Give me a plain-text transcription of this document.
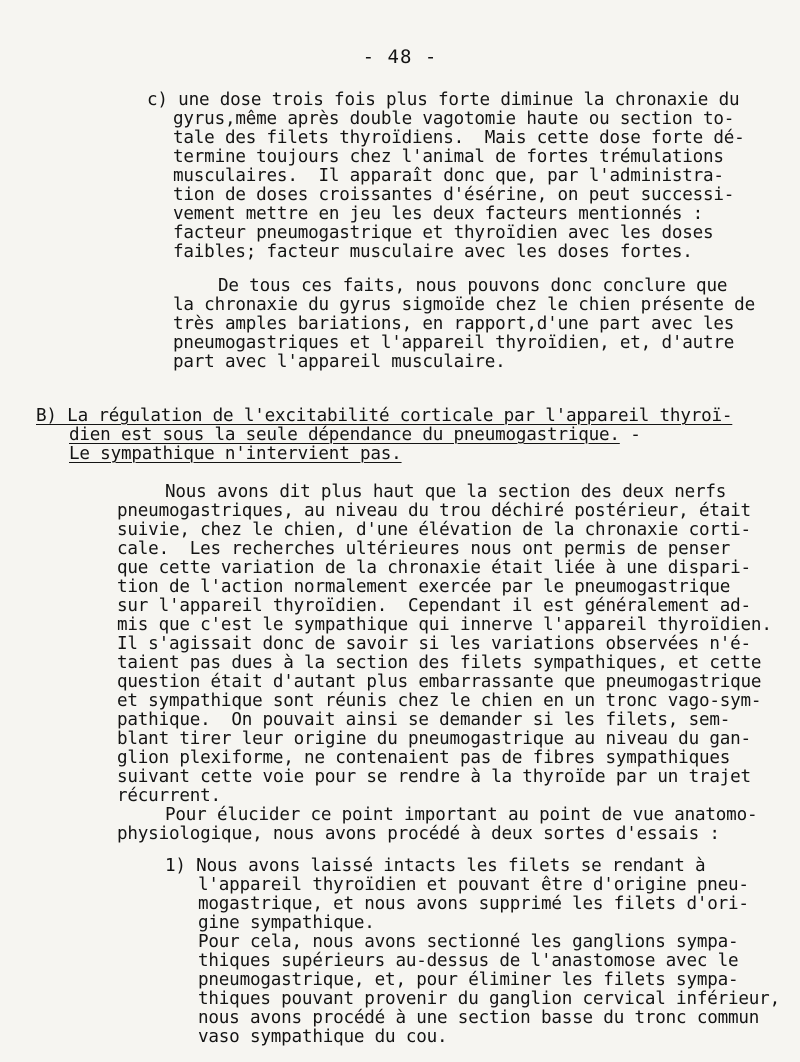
- 48 -
c) une dose trois fois plus forte diminue la chronaxie du
gyrus,même après double vagotomie haute ou section to-
tale des filets thyroïdiens.  Mais cette dose forte dé-
termine toujours chez l'animal de fortes trémulations
musculaires.  Il apparaît donc que, par l'administra-
tion de doses croissantes d'ésérine, on peut successi-
vement mettre en jeu les deux facteurs mentionnés :
facteur pneumogastrique et thyroïdien avec les doses
faibles; facteur musculaire avec les doses fortes.
De tous ces faits, nous pouvons donc conclure que
la chronaxie du gyrus sigmoïde chez le chien présente de
très amples bariations, en rapport,d'une part avec les
pneumogastriques et l'appareil thyroïdien, et, d'autre
part avec l'appareil musculaire.
B) La régulation de l'excitabilité corticale par l'appareil thyroï-
dien est sous la seule dépendance du pneumogastrique. -
Le sympathique n'intervient pas.
Nous avons dit plus haut que la section des deux nerfs
pneumogastriques, au niveau du trou déchiré postérieur, était
suivie, chez le chien, d'une élévation de la chronaxie corti-
cale.  Les recherches ultérieures nous ont permis de penser
que cette variation de la chronaxie était liée à une dispari-
tion de l'action normalement exercée par le pneumogastrique
sur l'appareil thyroïdien.  Cependant il est généralement ad-
mis que c'est le sympathique qui innerve l'appareil thyroïdien.
Il s'agissait donc de savoir si les variations observées n'é-
taient pas dues à la section des filets sympathiques, et cette
question était d'autant plus embarrassante que pneumogastrique
et sympathique sont réunis chez le chien en un tronc vago-sym-
pathique.  On pouvait ainsi se demander si les filets, sem-
blant tirer leur origine du pneumogastrique au niveau du gan-
glion plexiforme, ne contenaient pas de fibres sympathiques
suivant cette voie pour se rendre à la thyroïde par un trajet
récurrent.
Pour élucider ce point important au point de vue anatomo-
physiologique, nous avons procédé à deux sortes d'essais :
1) Nous avons laissé intacts les filets se rendant à
l'appareil thyroïdien et pouvant être d'origine pneu-
mogastrique, et nous avons supprimé les filets d'ori-
gine sympathique.
Pour cela, nous avons sectionné les ganglions sympa-
thiques supérieurs au-dessus de l'anastomose avec le
pneumogastrique, et, pour éliminer les filets sympa-
thiques pouvant provenir du ganglion cervical inférieur,
nous avons procédé à une section basse du tronc commun
vaso sympathique du cou.
